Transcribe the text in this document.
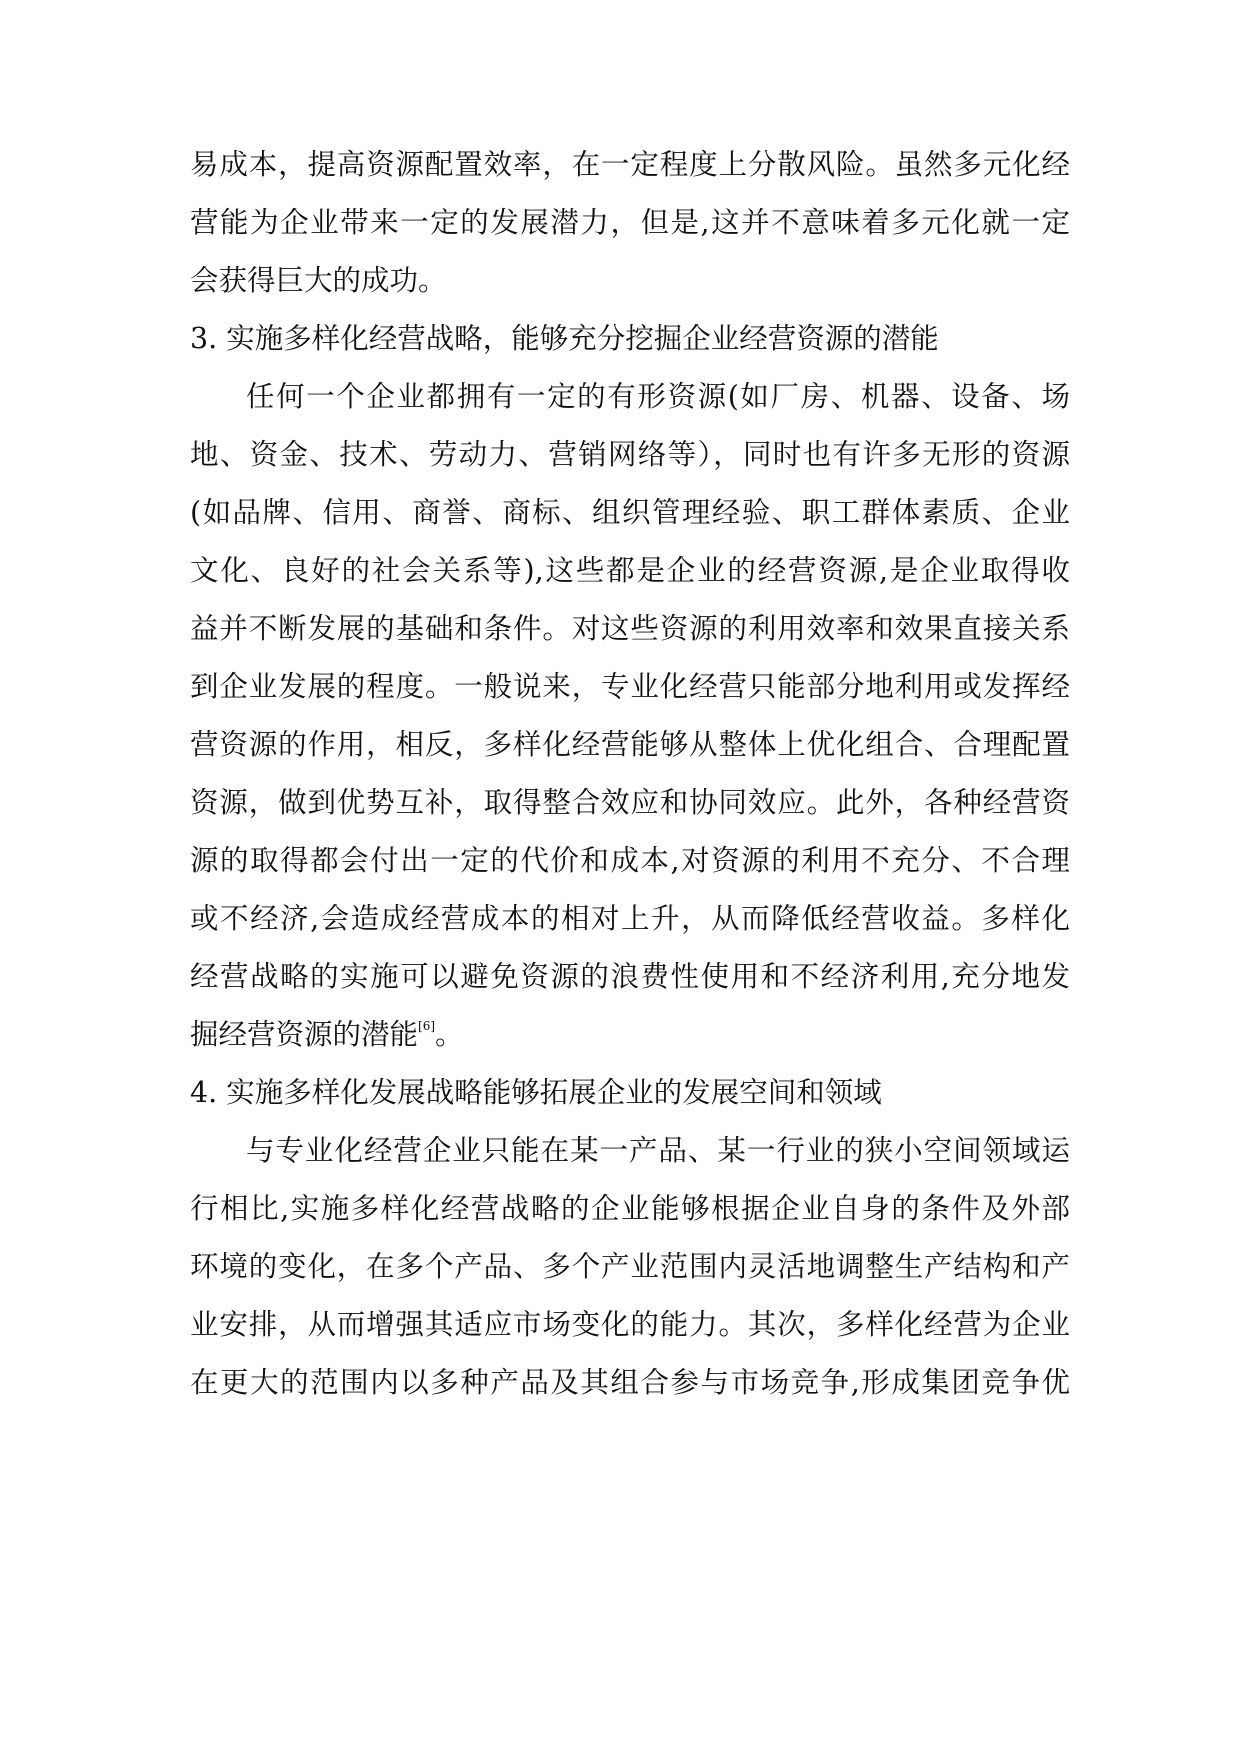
易成本，提高资源配置效率，在一定程度上分散风险。虽然多元化经
营能为企业带来一定的发展潜力，但是,这并不意味着多元化就一定
会获得巨大的成功。
3. 实施多样化经营战略，能够充分挖掘企业经营资源的潜能
任何一个企业都拥有一定的有形资源(如厂房、机器、设备、场
地、资金、技术、劳动力、营销网络等），同时也有许多无形的资源
(如品牌、信用、商誉、商标、组织管理经验、职工群体素质、企业
文化、良好的社会关系等),这些都是企业的经营资源,是企业取得收
益并不断发展的基础和条件。对这些资源的利用效率和效果直接关系
到企业发展的程度。一般说来，专业化经营只能部分地利用或发挥经
营资源的作用，相反，多样化经营能够从整体上优化组合、合理配置
资源，做到优势互补，取得整合效应和协同效应。此外，各种经营资
源的取得都会付出一定的代价和成本,对资源的利用不充分、不合理
或不经济,会造成经营成本的相对上升，从而降低经营收益。多样化
经营战略的实施可以避免资源的浪费性使用和不经济利用,充分地发
掘经营资源的潜能[6]。
4. 实施多样化发展战略能够拓展企业的发展空间和领域
与专业化经营企业只能在某一产品、某一行业的狭小空间领域运
行相比,实施多样化经营战略的企业能够根据企业自身的条件及外部
环境的变化，在多个产品、多个产业范围内灵活地调整生产结构和产
业安排，从而增强其适应市场变化的能力。其次，多样化经营为企业
在更大的范围内以多种产品及其组合参与市场竞争,形成集团竞争优
